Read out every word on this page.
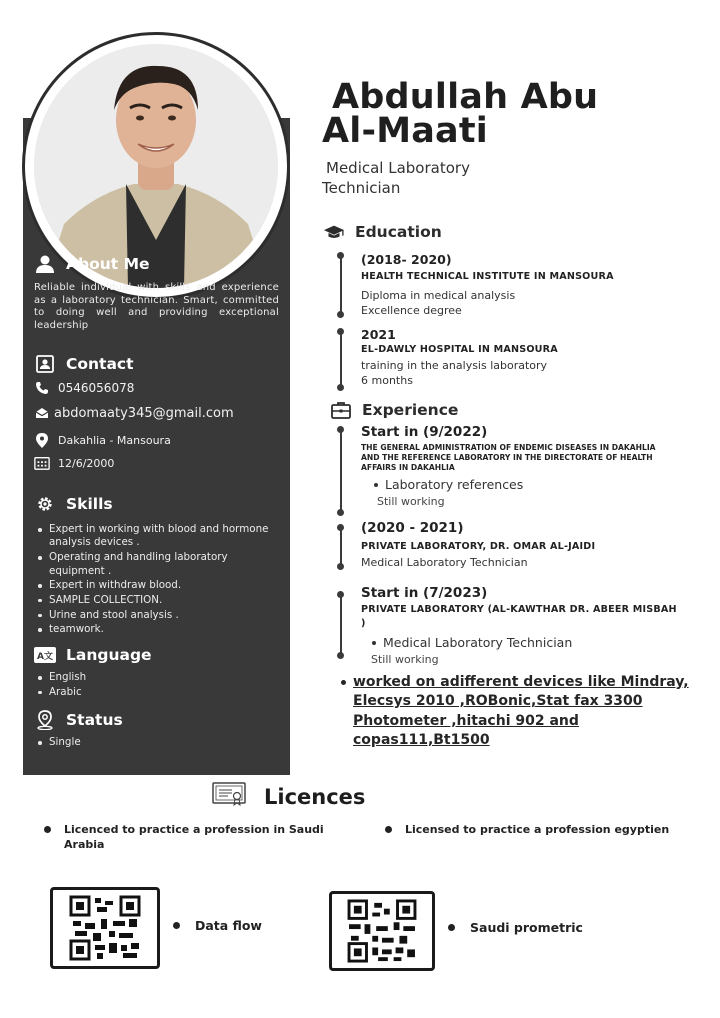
Abdullah Abu
Al-Maati
Medical Laboratory
Technician
About Me
Reliable individual with skills and experience as a laboratory technician. Smart, committed to doing well and providing exceptional leadership
Contact
0546056078
abdomaaty345@gmail.com
Dakahlia - Mansoura
12/6/2000
Skills
Expert in working with blood and hormone analysis devices .
Operating and handling laboratory equipment .
Expert in withdraw blood.
SAMPLE COLLECTION.
Urine and stool analysis .
teamwork.
A文 Language
English
Arabic
Status
Single
Education
(2018- 2020)
HEALTH TECHNICAL INSTITUTE IN MANSOURA
Diploma in medical analysis
Excellence degree
2021
EL-DAWLY HOSPITAL IN MANSOURA
training in the analysis laboratory
6 months
Experience
Start in (9/2022)
THE GENERAL ADMINISTRATION OF ENDEMIC DISEASES IN DAKAHLIA AND THE REFERENCE LABORATORY IN THE DIRECTORATE OF HEALTH AFFAIRS IN DAKAHLIA
Laboratory references
Still working
(2020 - 2021)
PRIVATE LABORATORY, DR. OMAR AL-JAIDI
Medical Laboratory Technician
Start in (7/2023)
PRIVATE LABORATORY (AL-KAWTHAR DR. ABEER MISBAH )
Medical Laboratory Technician
Still working
worked on adifferent devices like Mindray, Elecsys 2010 ,ROBonic,Stat fax 3300 Photometer ,hitachi 902 and copas111,Bt1500
Licences
Licenced to practice a profession in Saudi Arabia
Licensed to practice a profession egyptien
Data flow	Saudi prometric
